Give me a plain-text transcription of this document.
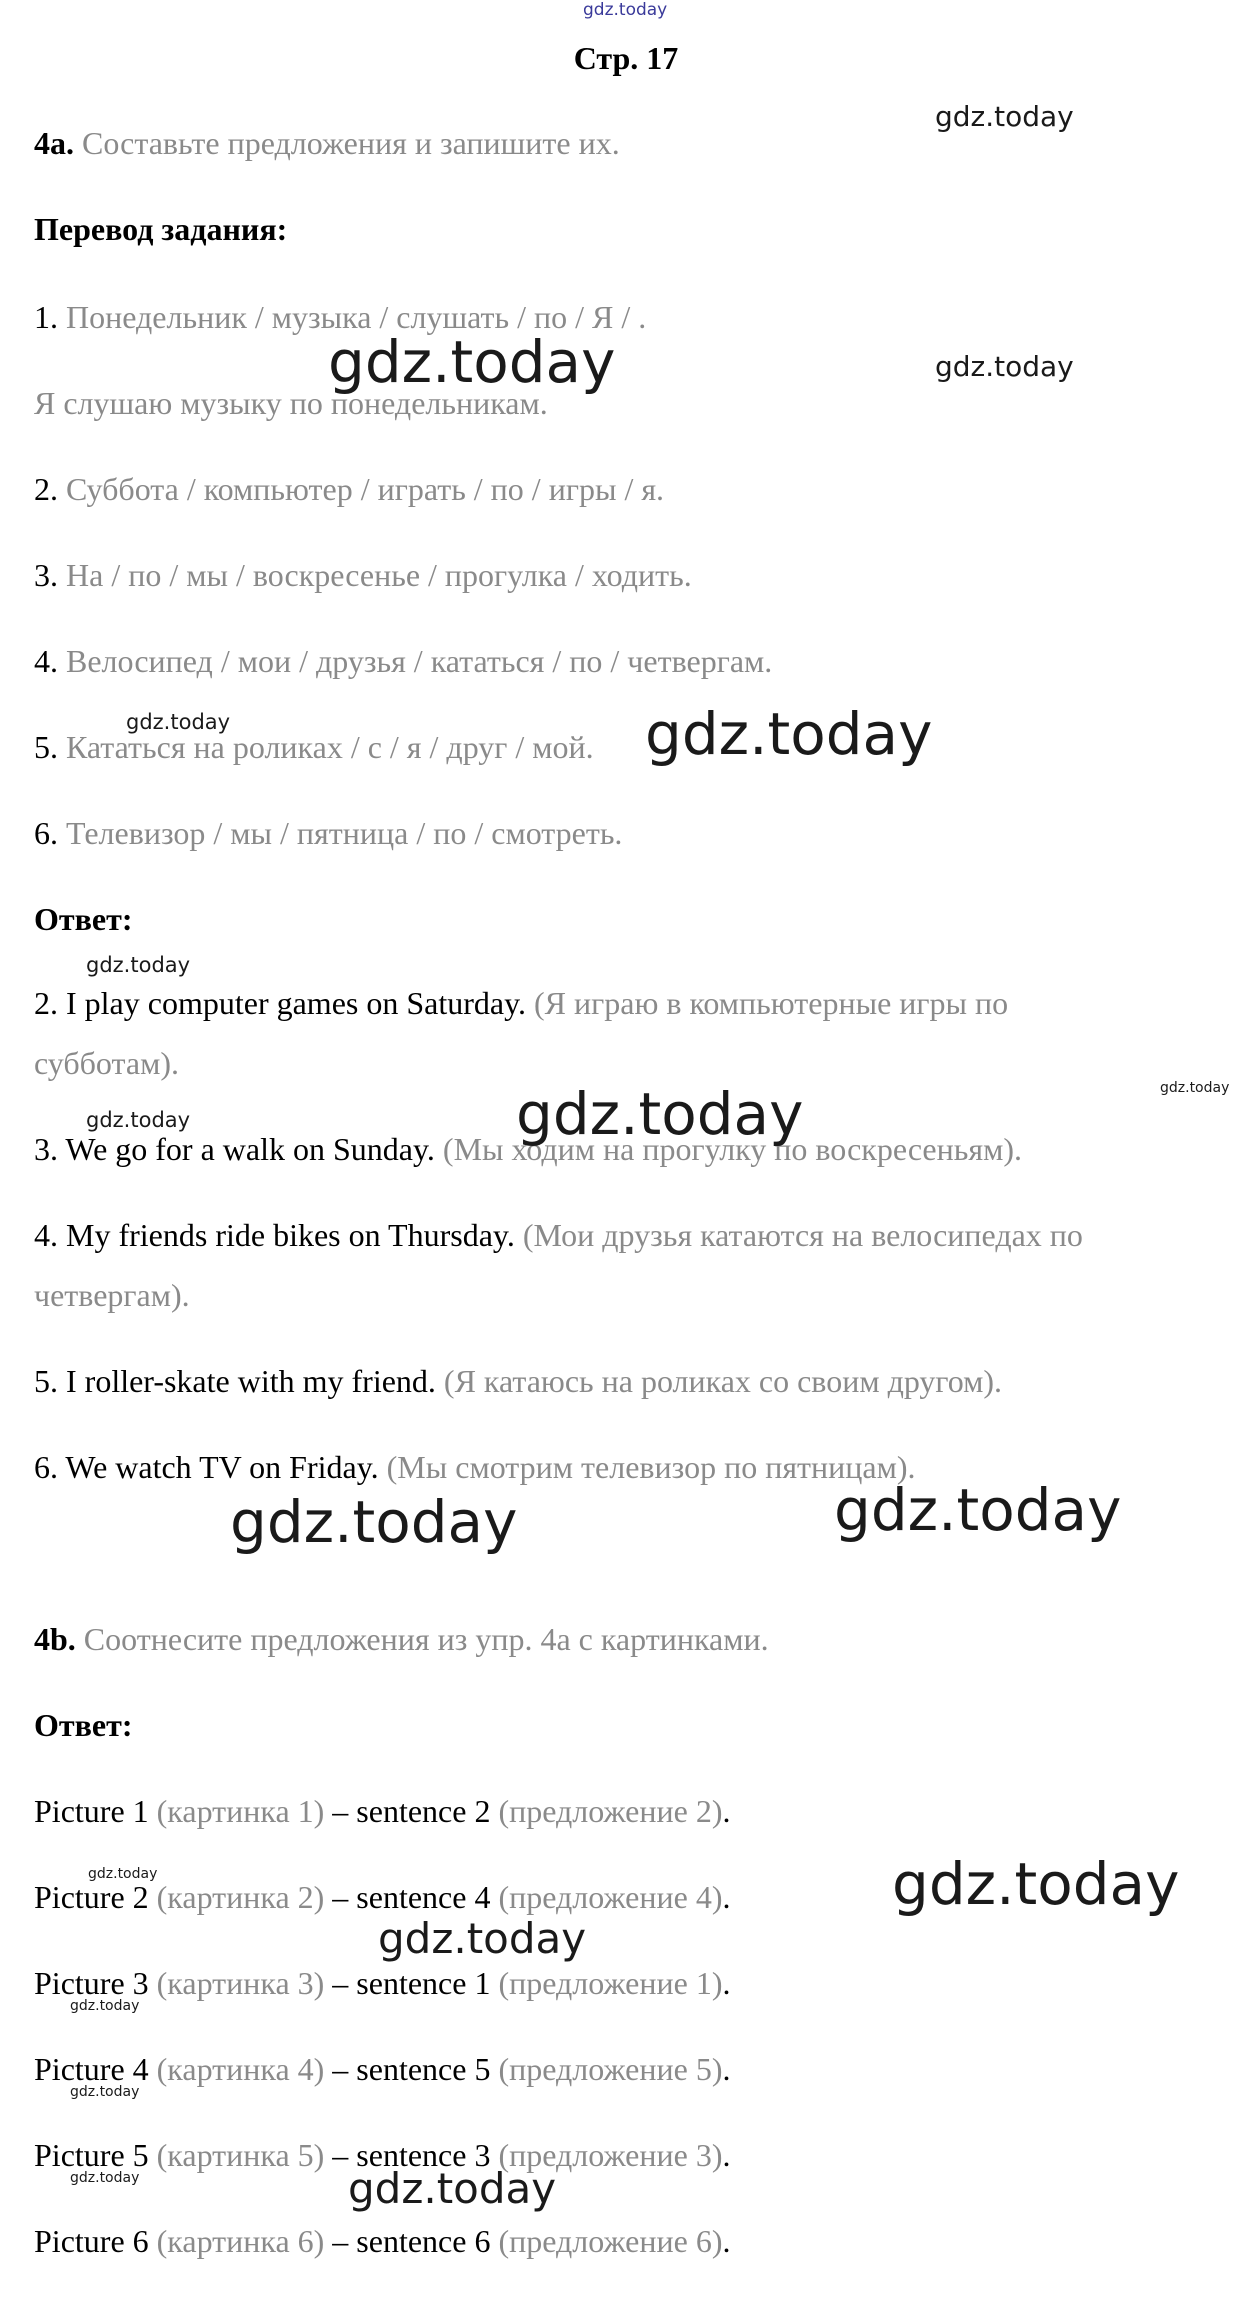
gdz.today
Стр. 17
4a. Составьте предложения и запишите их.
Перевод задания:
1. Понедельник / музыка / слушать / по / Я / .
Я слушаю музыку по понедельникам.
2. Суббота / компьютер / играть / по / игры / я.
3. На / по / мы / воскресенье / прогулка / ходить.
4. Велосипед / мои / друзья / кататься / по / четвергам.
5. Кататься на роликах / с / я / друг / мой.
6. Телевизор / мы / пятница / по / смотреть.
Ответ:
2. I play computer games on Saturday. (Я играю в компьютерные игры по
субботам).
3. We go for a walk on Sunday. (Мы ходим на прогулку по воскресеньям).
4. My friends ride bikes on Thursday. (Мои друзья катаются на велосипедах по
четвергам).
5. I roller-skate with my friend. (Я катаюсь на роликах со своим другом).
6. We watch TV on Friday. (Мы смотрим телевизор по пятницам).
4b. Соотнесите предложения из упр. 4а с картинками.
Ответ:
Picture 1 (картинка 1) – sentence 2 (предложение 2).
Picture 2 (картинка 2) – sentence 4 (предложение 4).
Picture 3 (картинка 3) – sentence 1 (предложение 1).
Picture 4 (картинка 4) – sentence 5 (предложение 5).
Picture 5 (картинка 5) – sentence 3 (предложение 3).
Picture 6 (картинка 6) – sentence 6 (предложение 6).
gdz.today
gdz.today	gdz.today
gdz.today	gdz.today
gdz.today
gdz.today	gdz.today
gdz.today
gdz.today	gdz.today
gdz.today	gdz.today
gdz.today
gdz.today
gdz.today
gdz.today	gdz.today
